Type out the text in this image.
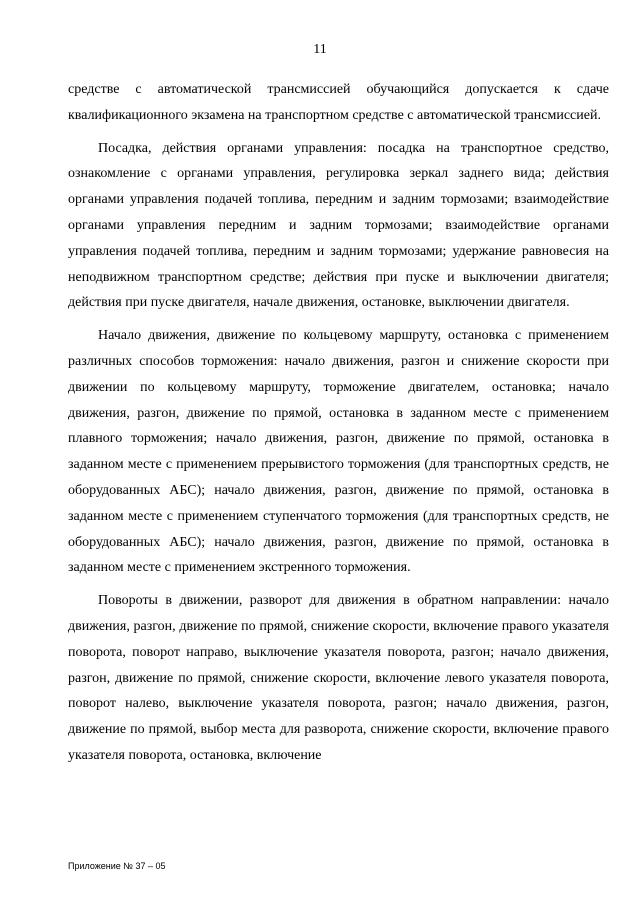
11

средстве с автоматической трансмиссией обучающийся допускается к сдаче квалификационного экзамена на транспортном средстве с автоматической трансмиссией.

Посадка, действия органами управления: посадка на транспортное средство, ознакомление с органами управления, регулировка зеркал заднего вида; действия органами управления подачей топлива, передним и задним тормозами; взаимодействие органами управления передним и задним тормозами; взаимодействие органами управления подачей топлива, передним и задним тормозами; удержание равновесия на неподвижном транспортном средстве; действия при пуске и выключении двигателя; действия при пуске двигателя, начале движения, остановке, выключении двигателя.

Начало движения, движение по кольцевому маршруту, остановка с применением различных способов торможения: начало движения, разгон и снижение скорости при движении по кольцевому маршруту, торможение двигателем, остановка; начало движения, разгон, движение по прямой, остановка в заданном месте с применением плавного торможения; начало движения, разгон, движение по прямой, остановка в заданном месте с применением прерывистого торможения (для транспортных средств, не оборудованных АБС); начало движения, разгон, движение по прямой, остановка в заданном месте с применением ступенчатого торможения (для транспортных средств, не оборудованных АБС); начало движения, разгон, движение по прямой, остановка в заданном месте с применением экстренного торможения.

Повороты в движении, разворот для движения в обратном направлении: начало движения, разгон, движение по прямой, снижение скорости, включение правого указателя поворота, поворот направо, выключение указателя поворота, разгон; начало движения, разгон, движение по прямой, снижение скорости, включение левого указателя поворота, поворот налево, выключение указателя поворота, разгон; начало движения, разгон, движение по прямой, выбор места для разворота, снижение скорости, включение правого указателя поворота, остановка, включение

Приложение № 37 – 05
